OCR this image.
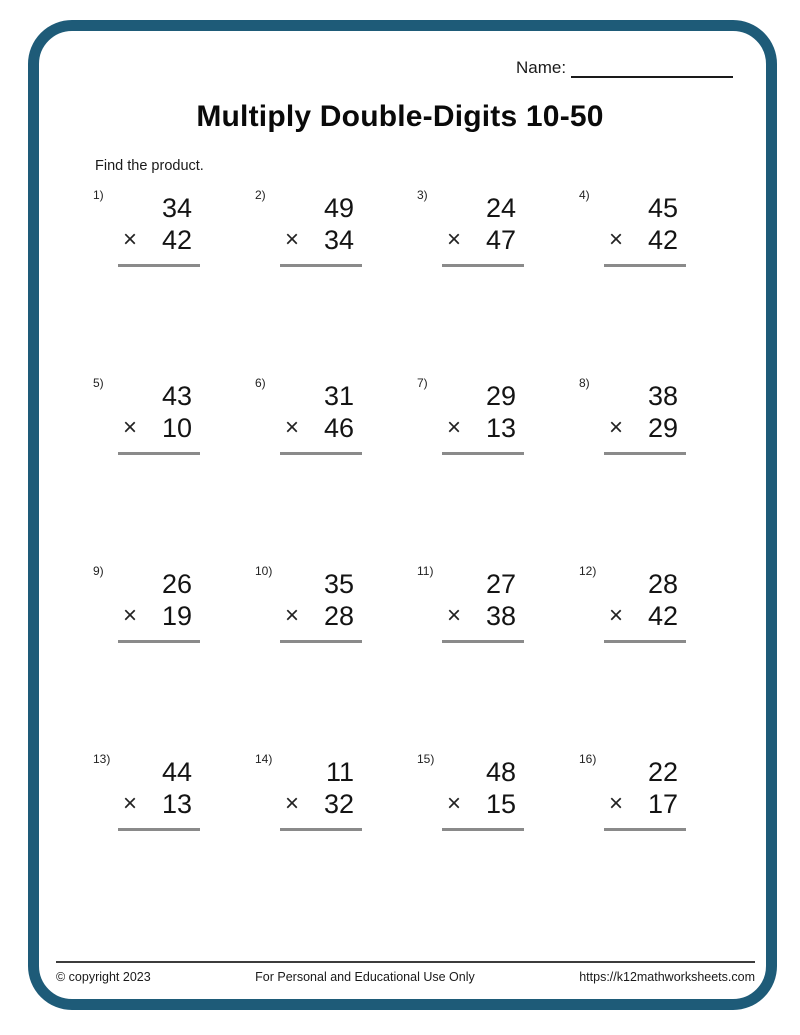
Name:
Multiply Double-Digits 10-50
Find the product.
1)	34
× 42
2)	49
× 34
3)	24
× 47
4)	45
× 42
5)	43
× 10
6)	31
× 46
7)	29
× 13
8)	38
× 29
9)	26
× 19
10)	35
× 28
11)	27
× 38
12)	28
× 42
13)	44
× 13
14)	11
× 32
15)	48
× 15
16)	22
× 17
© copyright 2023	For Personal and Educational Use Only	https://k12mathworksheets.com
